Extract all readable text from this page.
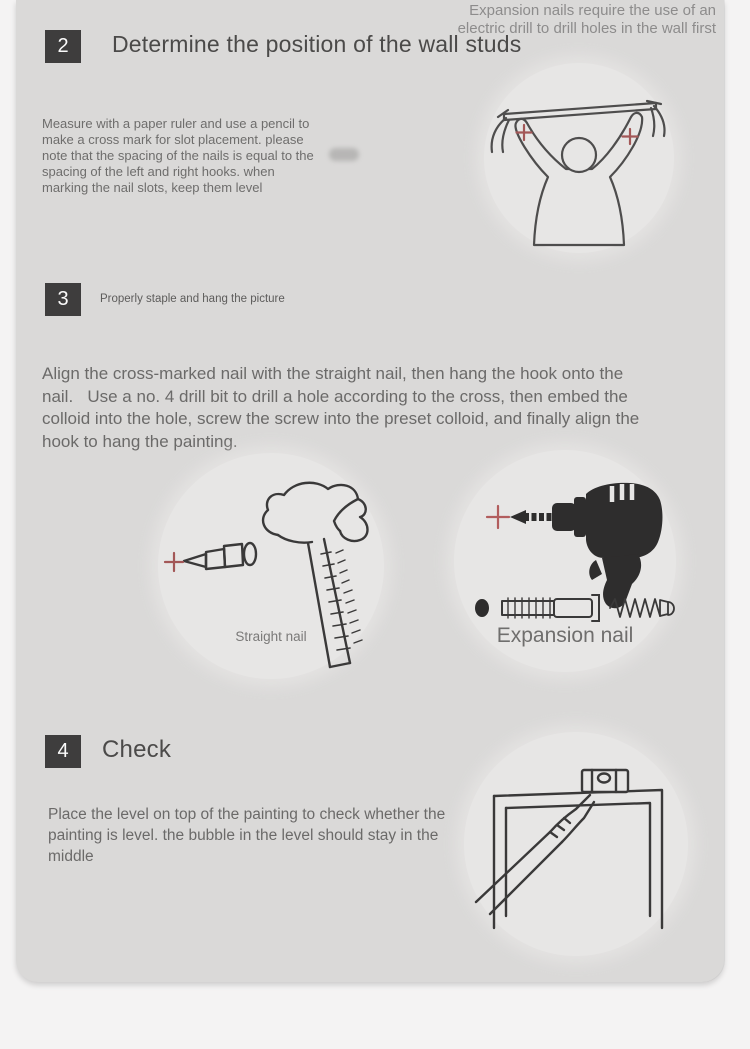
Expansion nails require the use of an
electric drill to drill holes in the wall first
2 Determine the position of the wall studs
Measure with a paper ruler and use a pencil to
make a cross mark for slot placement. please
note that the spacing of the nails is equal to the
spacing of the left and right hooks. when
marking the nail slots, keep them level
3	Properly staple and hang the picture
Align the cross-marked nail with the straight nail, then hang the hook onto the
nail.   Use a no. 4 drill bit to drill a hole according to the cross, then embed the
colloid into the hole, screw the screw into the preset colloid, and finally align the
hook to hang the painting.
Straight nail	Expansion nail
4 Check
Place the level on top of the painting to check whether the
painting is level. the bubble in the level should stay in the
middle
